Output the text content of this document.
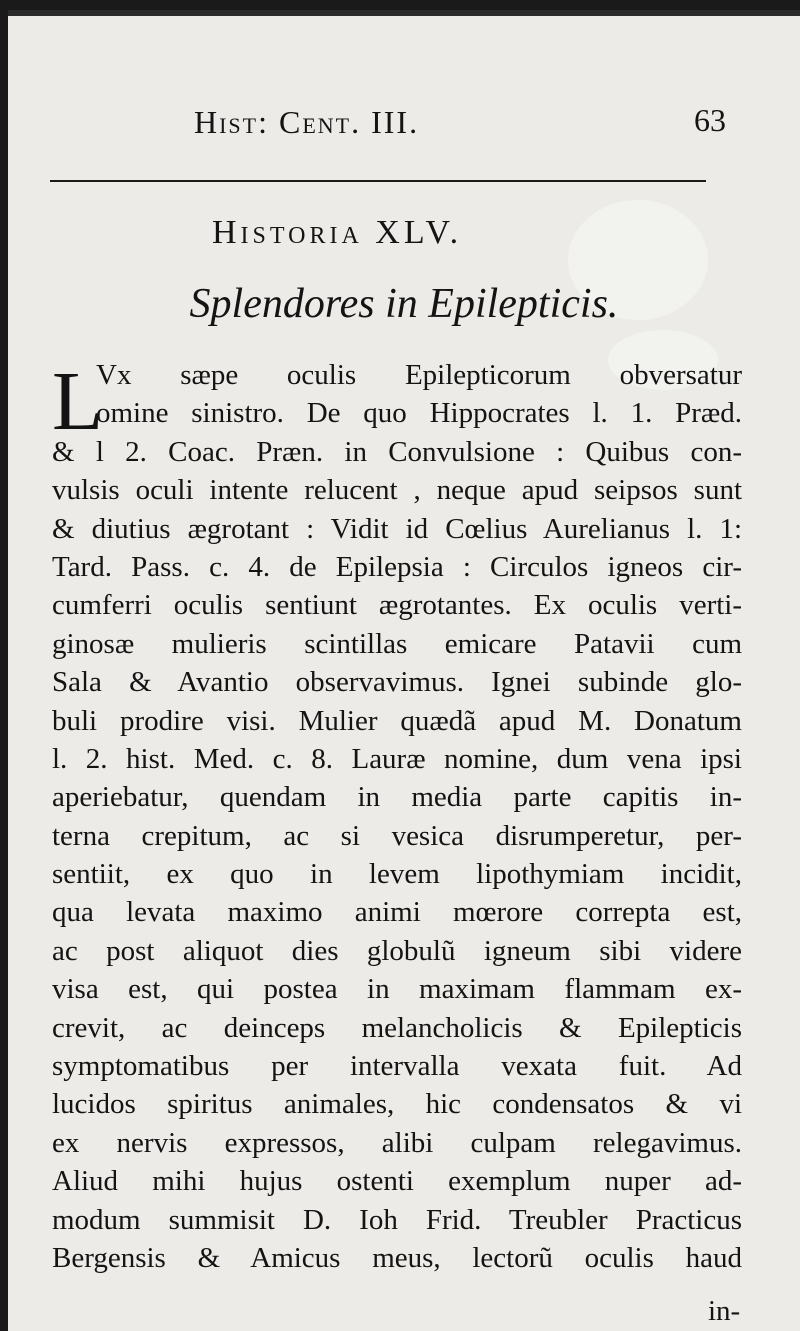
Hist: Cent. III.	63
Historia XLV.
Splendores in Epilepticis.
L
Vx sæpe oculis Epilepticorum obversatur
omine sinistro. De quo Hippocrates l. 1. Præd.
& l 2. Coac. Præn. in Convulsione : Quibus con-
vulsis oculi intente relucent , neque apud seipsos sunt
& diutius ægrotant : Vidit id Cœlius Aurelianus l. 1:
Tard. Pass. c. 4. de Epilepsia : Circulos igneos cir-
cumferri oculis sentiunt ægrotantes. Ex oculis verti-
ginosæ mulieris scintillas emicare Patavii cum
Sala & Avantio observavimus. Ignei subinde glo-
buli prodire visi. Mulier quædã apud M. Donatum
l. 2. hist. Med. c. 8. Lauræ nomine, dum vena ipsi
aperiebatur, quendam in media parte capitis in-
terna crepitum, ac si vesica disrumperetur, per-
sentiit, ex quo in levem lipothymiam incidit,
qua levata maximo animi mœrore correpta est,
ac post aliquot dies globulũ igneum sibi videre
visa est, qui postea in maximam flammam ex-
crevit, ac deinceps melancholicis & Epilepticis
symptomatibus per intervalla vexata fuit. Ad
lucidos spiritus animales, hic condensatos & vi
ex nervis expressos, alibi culpam relegavimus.
Aliud mihi hujus ostenti exemplum nuper ad-
modum summisit D. Ioh Frid. Treubler Practicus
Bergensis & Amicus meus, lectorũ oculis haud
in-
